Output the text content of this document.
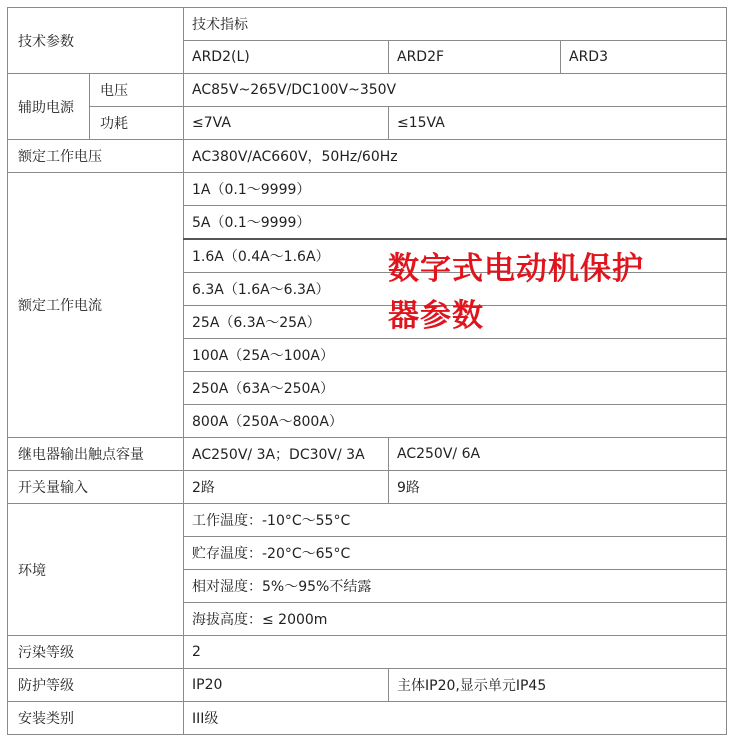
技术参数		技术指标		
		ARD2(L)	ARD2F	ARD3
辅助电源	电压	AC85V~265V/DC100V~350V		
	功耗	≤7VA	≤15VA	
额定工作电压		AC380V/AC660V，50Hz/60Hz		
额定工作电流		1A（0.1～9999）		
		5A（0.1～9999）		
		1.6A（0.4A～1.6A）		
		6.3A（1.6A～6.3A）		
		25A（6.3A～25A）		
		100A（25A～100A）		
		250A（63A～250A）		
		800A（250A～800A）		
继电器输出触点容量		AC250V/ 3A；DC30V/ 3A	AC250V/ 6A	
开关量输入		2路	9路	
环境		工作温度：-10°C～55°C		
		贮存温度：-20°C～65°C		
		相对湿度：5%～95%不结露		
		海拔高度：≤ 2000m		
污染等级		2		
防护等级		IP20	主体IP20,显示单元IP45	
安装类别		III级		
数字式电动机保护
器参数
